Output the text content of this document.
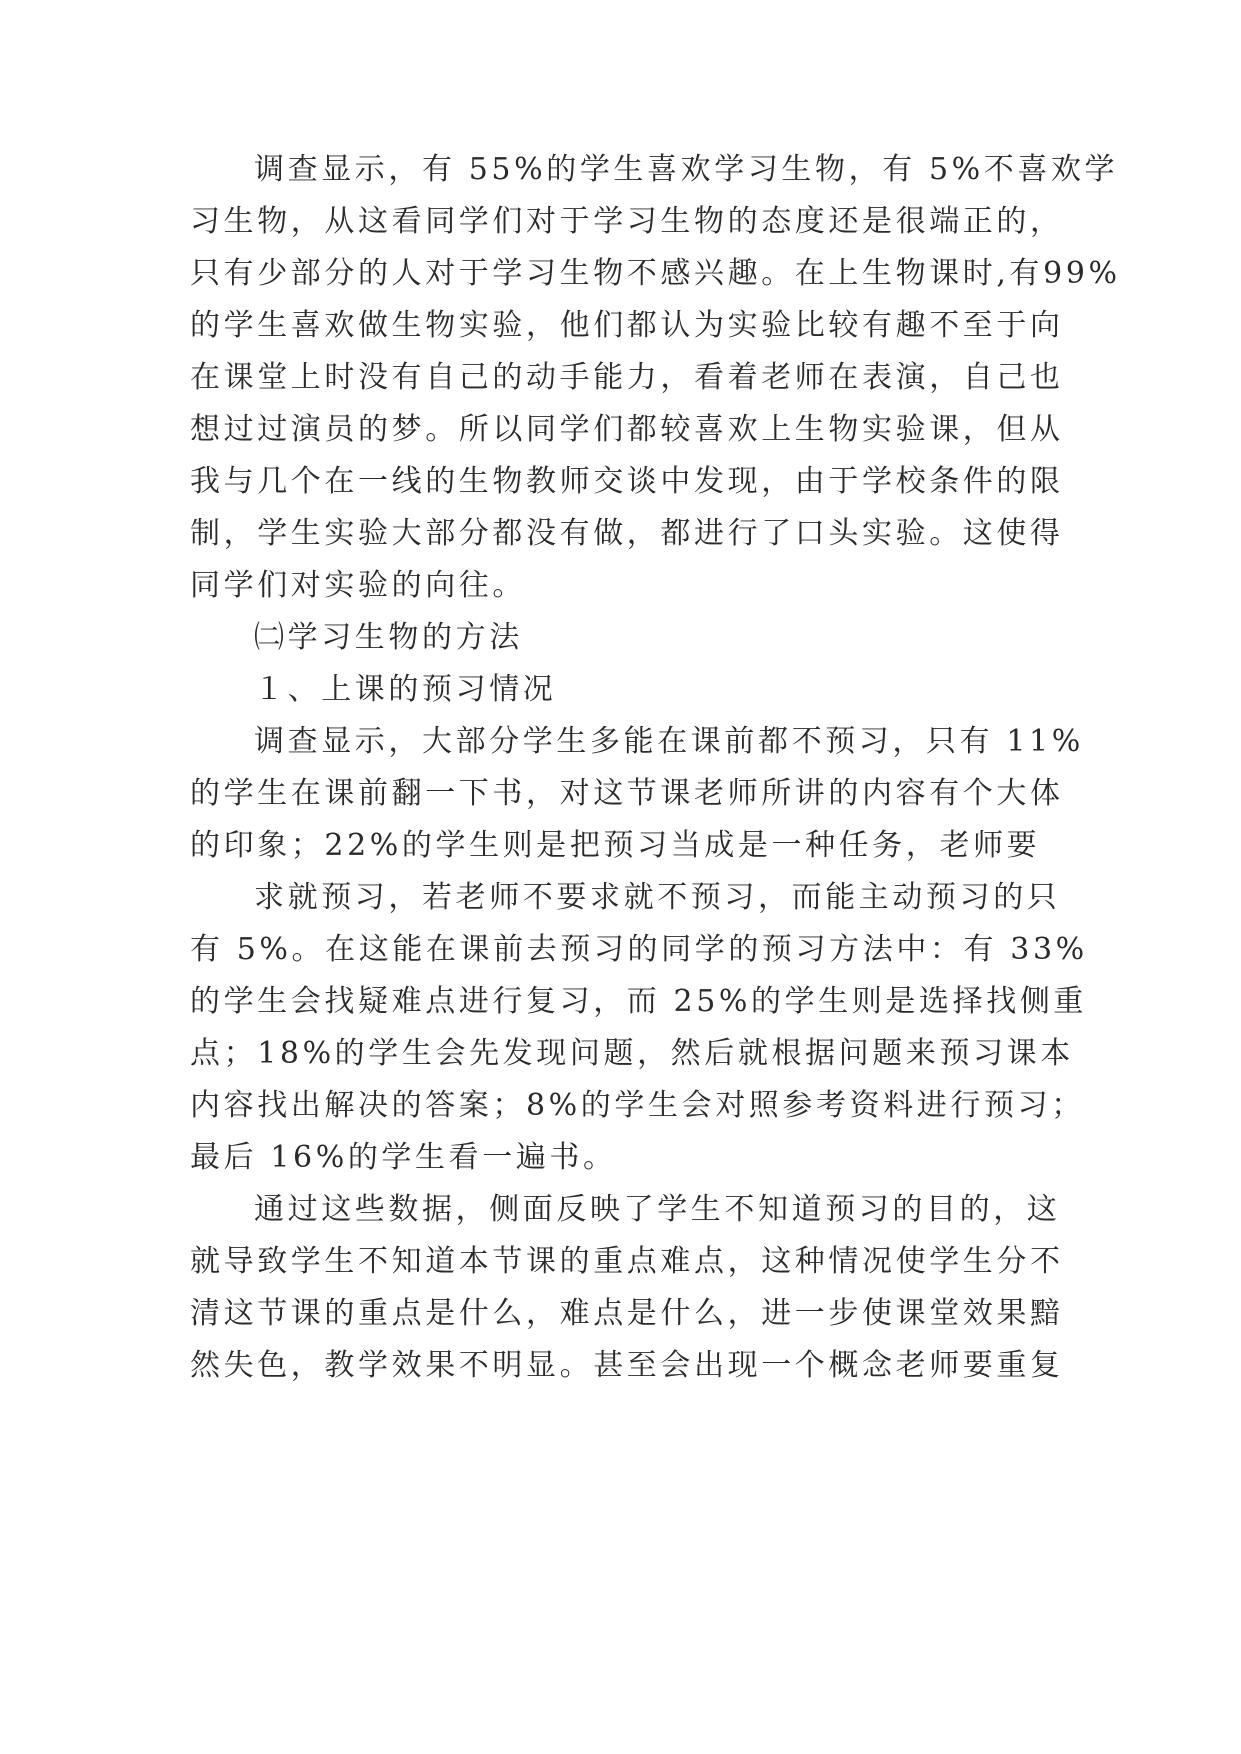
调查显示，有 55%的学生喜欢学习生物，有 5%不喜欢学
习生物，从这看同学们对于学习生物的态度还是很端正的，
只有少部分的人对于学习生物不感兴趣。在上生物课时,有99%
的学生喜欢做生物实验，他们都认为实验比较有趣不至于向
在课堂上时没有自己的动手能力，看着老师在表演，自己也
想过过演员的梦。所以同学们都较喜欢上生物实验课，但从
我与几个在一线的生物教师交谈中发现，由于学校条件的限
制，学生实验大部分都没有做，都进行了口头实验。这使得
同学们对实验的向往。
㈡学习生物的方法
１、上课的预习情况
调查显示，大部分学生多能在课前都不预习，只有 11%
的学生在课前翻一下书，对这节课老师所讲的内容有个大体
的印象；22%的学生则是把预习当成是一种任务，老师要
求就预习，若老师不要求就不预习，而能主动预习的只
有 5%。在这能在课前去预习的同学的预习方法中：有 33%
的学生会找疑难点进行复习，而 25%的学生则是选择找侧重
点；18%的学生会先发现问题，然后就根据问题来预习课本
内容找出解决的答案；8%的学生会对照参考资料进行预习；
最后 16%的学生看一遍书。
通过这些数据，侧面反映了学生不知道预习的目的，这
就导致学生不知道本节课的重点难点，这种情况使学生分不
清这节课的重点是什么，难点是什么，进一步使课堂效果黯
然失色，教学效果不明显。甚至会出现一个概念老师要重复
